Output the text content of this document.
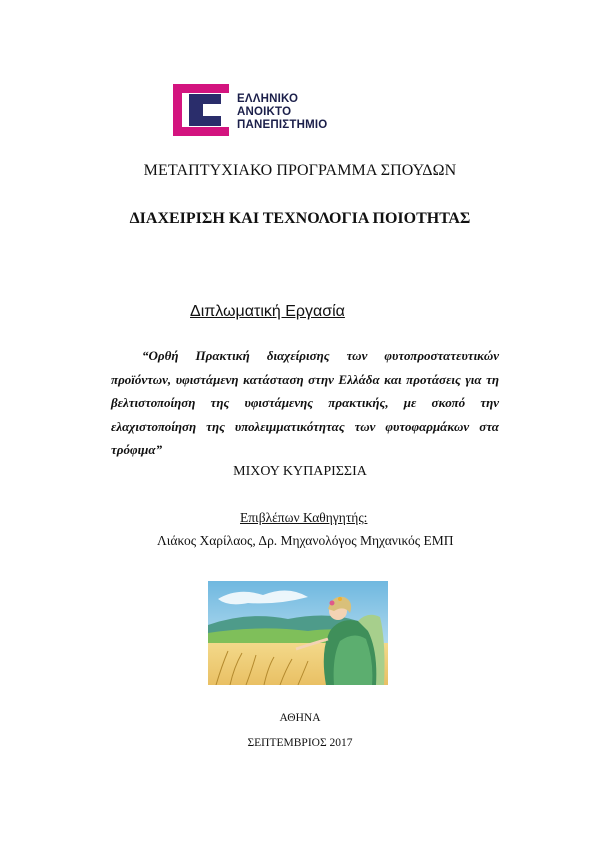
ΕΛΛΗΝΙΚΟ
ΑΝΟΙΚΤΟ
ΠΑΝΕΠΙΣΤΗΜΙΟ
ΜΕΤΑΠΤΥΧΙΑΚΟ ΠΡΟΓΡΑΜΜΑ ΣΠΟΥΔΩΝ
ΔΙΑΧΕΙΡΙΣΗ ΚΑΙ ΤΕΧΝΟΛΟΓΙΑ ΠΟΙΟΤΗΤΑΣ
Διπλωματική Εργασία
“Ορθή Πρακτική διαχείρισης των φυτοπροστατευτικών προϊόντων, υφιστάμενη κατάσταση στην Ελλάδα και προτάσεις για τη βελτιστοποίηση της υφιστάμενης πρακτικής, με σκοπό την ελαχιστοποίηση της υπολειμματικότητας των φυτοφαρμάκων στα τρόφιμα”
ΜΙΧΟΥ ΚΥΠΑΡΙΣΣΙΑ
Επιβλέπων Καθηγητής:
Λιάκος Χαρίλαος, Δρ. Μηχανολόγος Μηχανικός ΕΜΠ
ΑΘΗΝΑ
ΣΕΠΤΕΜΒΡΙΟΣ 2017
